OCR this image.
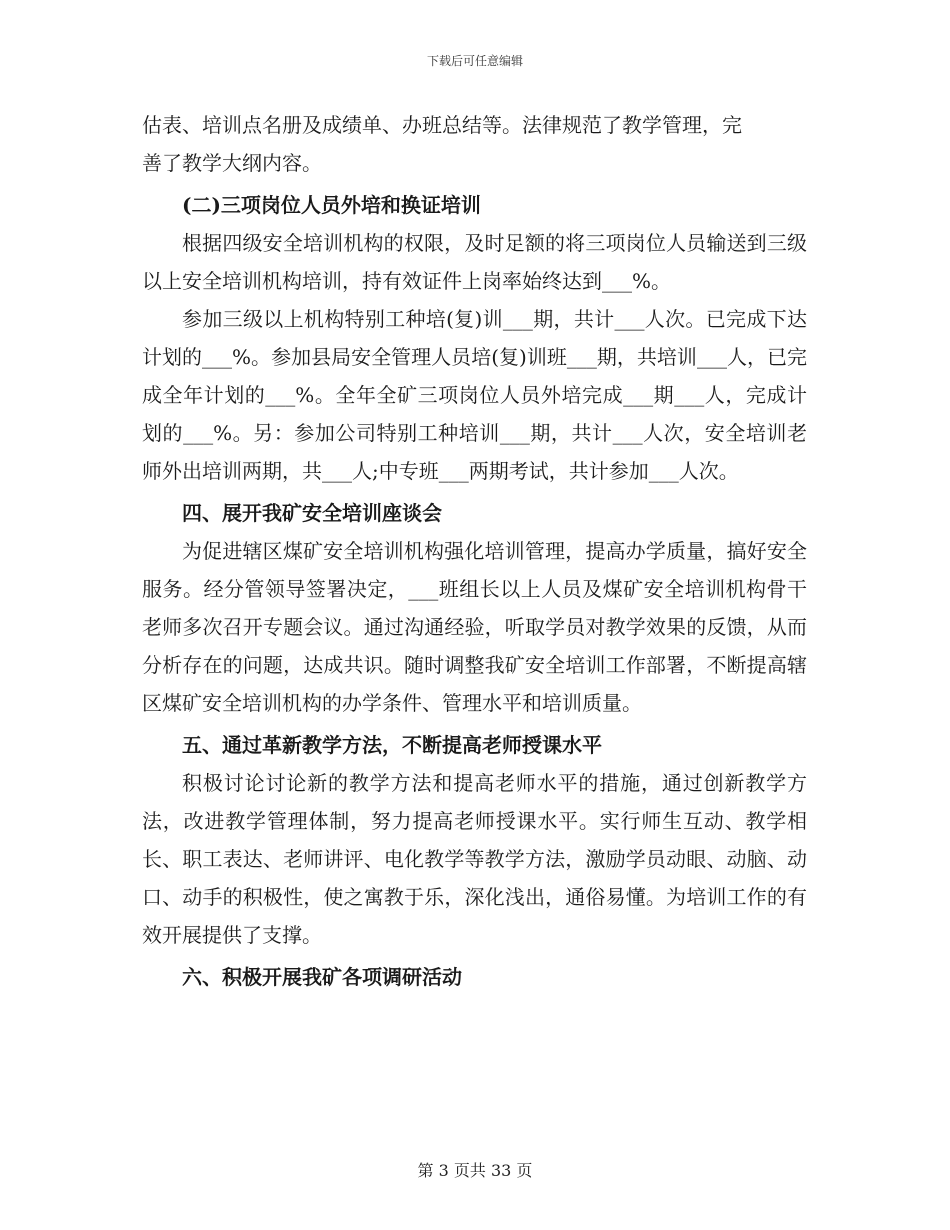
下载后可任意编辑
估表、培训点名册及成绩单、办班总结等。法律规范了教学管理，完
善了教学大纲内容。
(二)三项岗位人员外培和换证培训
根据四级安全培训机构的权限，及时足额的将三项岗位人员输送到三级以上安全培训机构培训，持有效证件上岗率始终达到___%。
参加三级以上机构特别工种培(复)训___期，共计___人次。已完成下达计划的___%。参加县局安全管理人员培(复)训班___期，共培训___人，已完成全年计划的___%。全年全矿三项岗位人员外培完成___期___人，完成计划的___%。另：参加公司特别工种培训___期，共计___人次，安全培训老师外出培训两期，共___人;中专班___两期考试，共计参加___人次。
四、展开我矿安全培训座谈会
为促进辖区煤矿安全培训机构强化培训管理，提高办学质量，搞好安全服务。经分管领导签署决定，___班组长以上人员及煤矿安全培训机构骨干老师多次召开专题会议。通过沟通经验，听取学员对教学效果的反馈，从而分析存在的问题，达成共识。随时调整我矿安全培训工作部署，不断提高辖区煤矿安全培训机构的办学条件、管理水平和培训质量。
五、通过革新教学方法，不断提高老师授课水平
积极讨论讨论新的教学方法和提高老师水平的措施，通过创新教学方法，改进教学管理体制，努力提高老师授课水平。实行师生互动、教学相长、职工表达、老师讲评、电化教学等教学方法，激励学员动眼、动脑、动口、动手的积极性，使之寓教于乐，深化浅出，通俗易懂。为培训工作的有效开展提供了支撑。
六、积极开展我矿各项调研活动
第 3 页共 33 页
